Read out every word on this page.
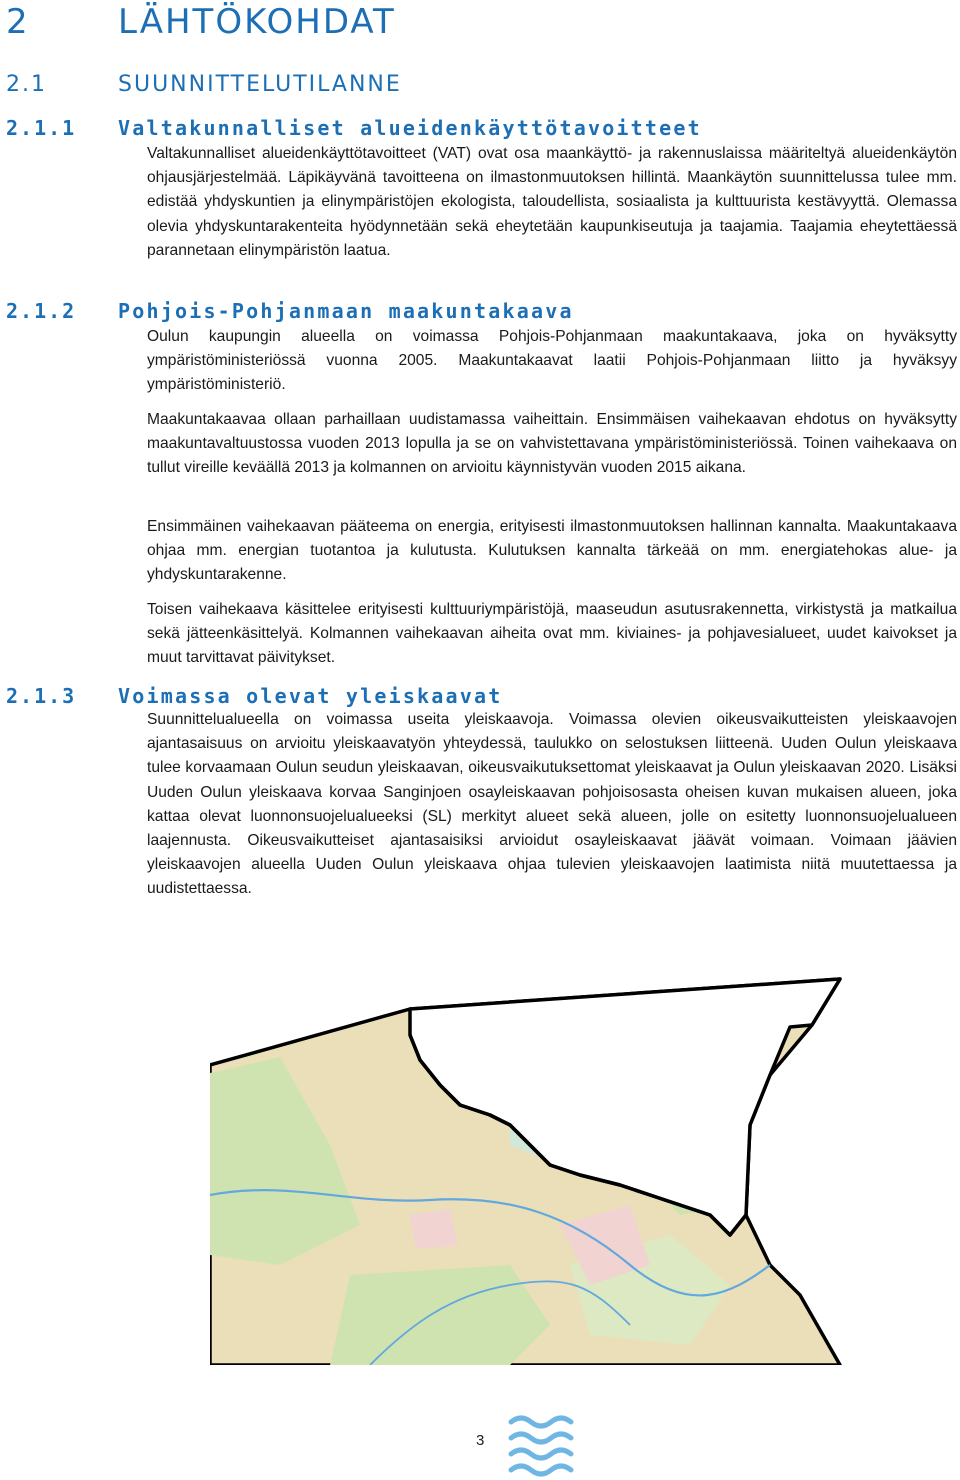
2	LÄHTÖKOHDAT
2.1	SUUNNITTELUTILANNE
2.1.1 Valtakunnalliset alueidenkäyttötavoitteet

Valtakunnalliset alueidenkäyttötavoitteet (VAT) ovat osa maankäyttö- ja rakennuslaissa määriteltyä alueidenkäytön ohjausjärjestelmää. Läpikäyvänä tavoitteena on ilmastonmuutoksen hillintä. Maankäytön suunnittelussa tulee mm. edistää yhdyskuntien ja elinympäristöjen ekologista, taloudellista, sosiaalista ja kulttuurista kestävyyttä. Olemassa olevia yhdyskuntarakenteita hyödynnetään sekä eheytetään kaupunkiseutuja ja taajamia. Taajamia eheytettäessä parannetaan elinympäristön laatua.

2.1.2 Pohjois-Pohjanmaan maakuntakaava

Oulun kaupungin alueella on voimassa Pohjois-Pohjanmaan maakuntakaava, joka on hyväksytty ympäristöministeriössä vuonna 2005. Maakuntakaavat laatii Pohjois-Pohjanmaan liitto ja hyväksyy ympäristöministeriö.

Maakuntakaavaa ollaan parhaillaan uudistamassa vaiheittain. Ensimmäisen vaihekaavan ehdotus on hyväksytty maakuntavaltuustossa vuoden 2013 lopulla ja se on vahvistettavana ympäristöministeriössä. Toinen vaihekaava on tullut vireille keväällä 2013 ja kolmannen on arvioitu käynnistyvän vuoden 2015 aikana.

Ensimmäinen vaihekaavan pääteema on energia, erityisesti ilmastonmuutoksen hallinnan kannalta. Maakuntakaava ohjaa mm. energian tuotantoa ja kulutusta. Kulutuksen kannalta tärkeää on mm. energiatehokas alue- ja yhdyskuntarakenne.

Toisen vaihekaava käsittelee erityisesti kulttuuriympäristöjä, maaseudun asutusrakennetta, virkistystä ja matkailua sekä jätteenkäsittelyä. Kolmannen vaihekaavan aiheita ovat mm. kiviaines- ja pohjavesialueet, uudet kaivokset ja muut tarvittavat päivitykset.

2.1.3 Voimassa olevat yleiskaavat

Suunnittelualueella on voimassa useita yleiskaavoja. Voimassa olevien oikeusvaikutteisten yleiskaavojen ajantasaisuus on arvioitu yleiskaavatyön yhteydessä, taulukko on selostuksen liitteenä. Uuden Oulun yleiskaava tulee korvaamaan Oulun seudun yleiskaavan, oikeusvaikutuksettomat yleiskaavat ja Oulun yleiskaavan 2020. Lisäksi Uuden Oulun yleiskaava korvaa Sanginjoen osayleiskaavan pohjoisosasta oheisen kuvan mukaisen alueen, joka kattaa olevat luonnonsuojelualueeksi (SL) merkityt alueet sekä alueen, jolle on esitetty luonnonsuojelualueen laajennusta. Oikeusvaikutteiset ajantasaisiksi arvioidut osayleiskaavat jäävät voimaan. Voimaan jäävien yleiskaavojen alueella Uuden Oulun yleiskaava ohjaa tulevien yleiskaavojen laatimista niitä muutettaessa ja uudistettaessa.

3
